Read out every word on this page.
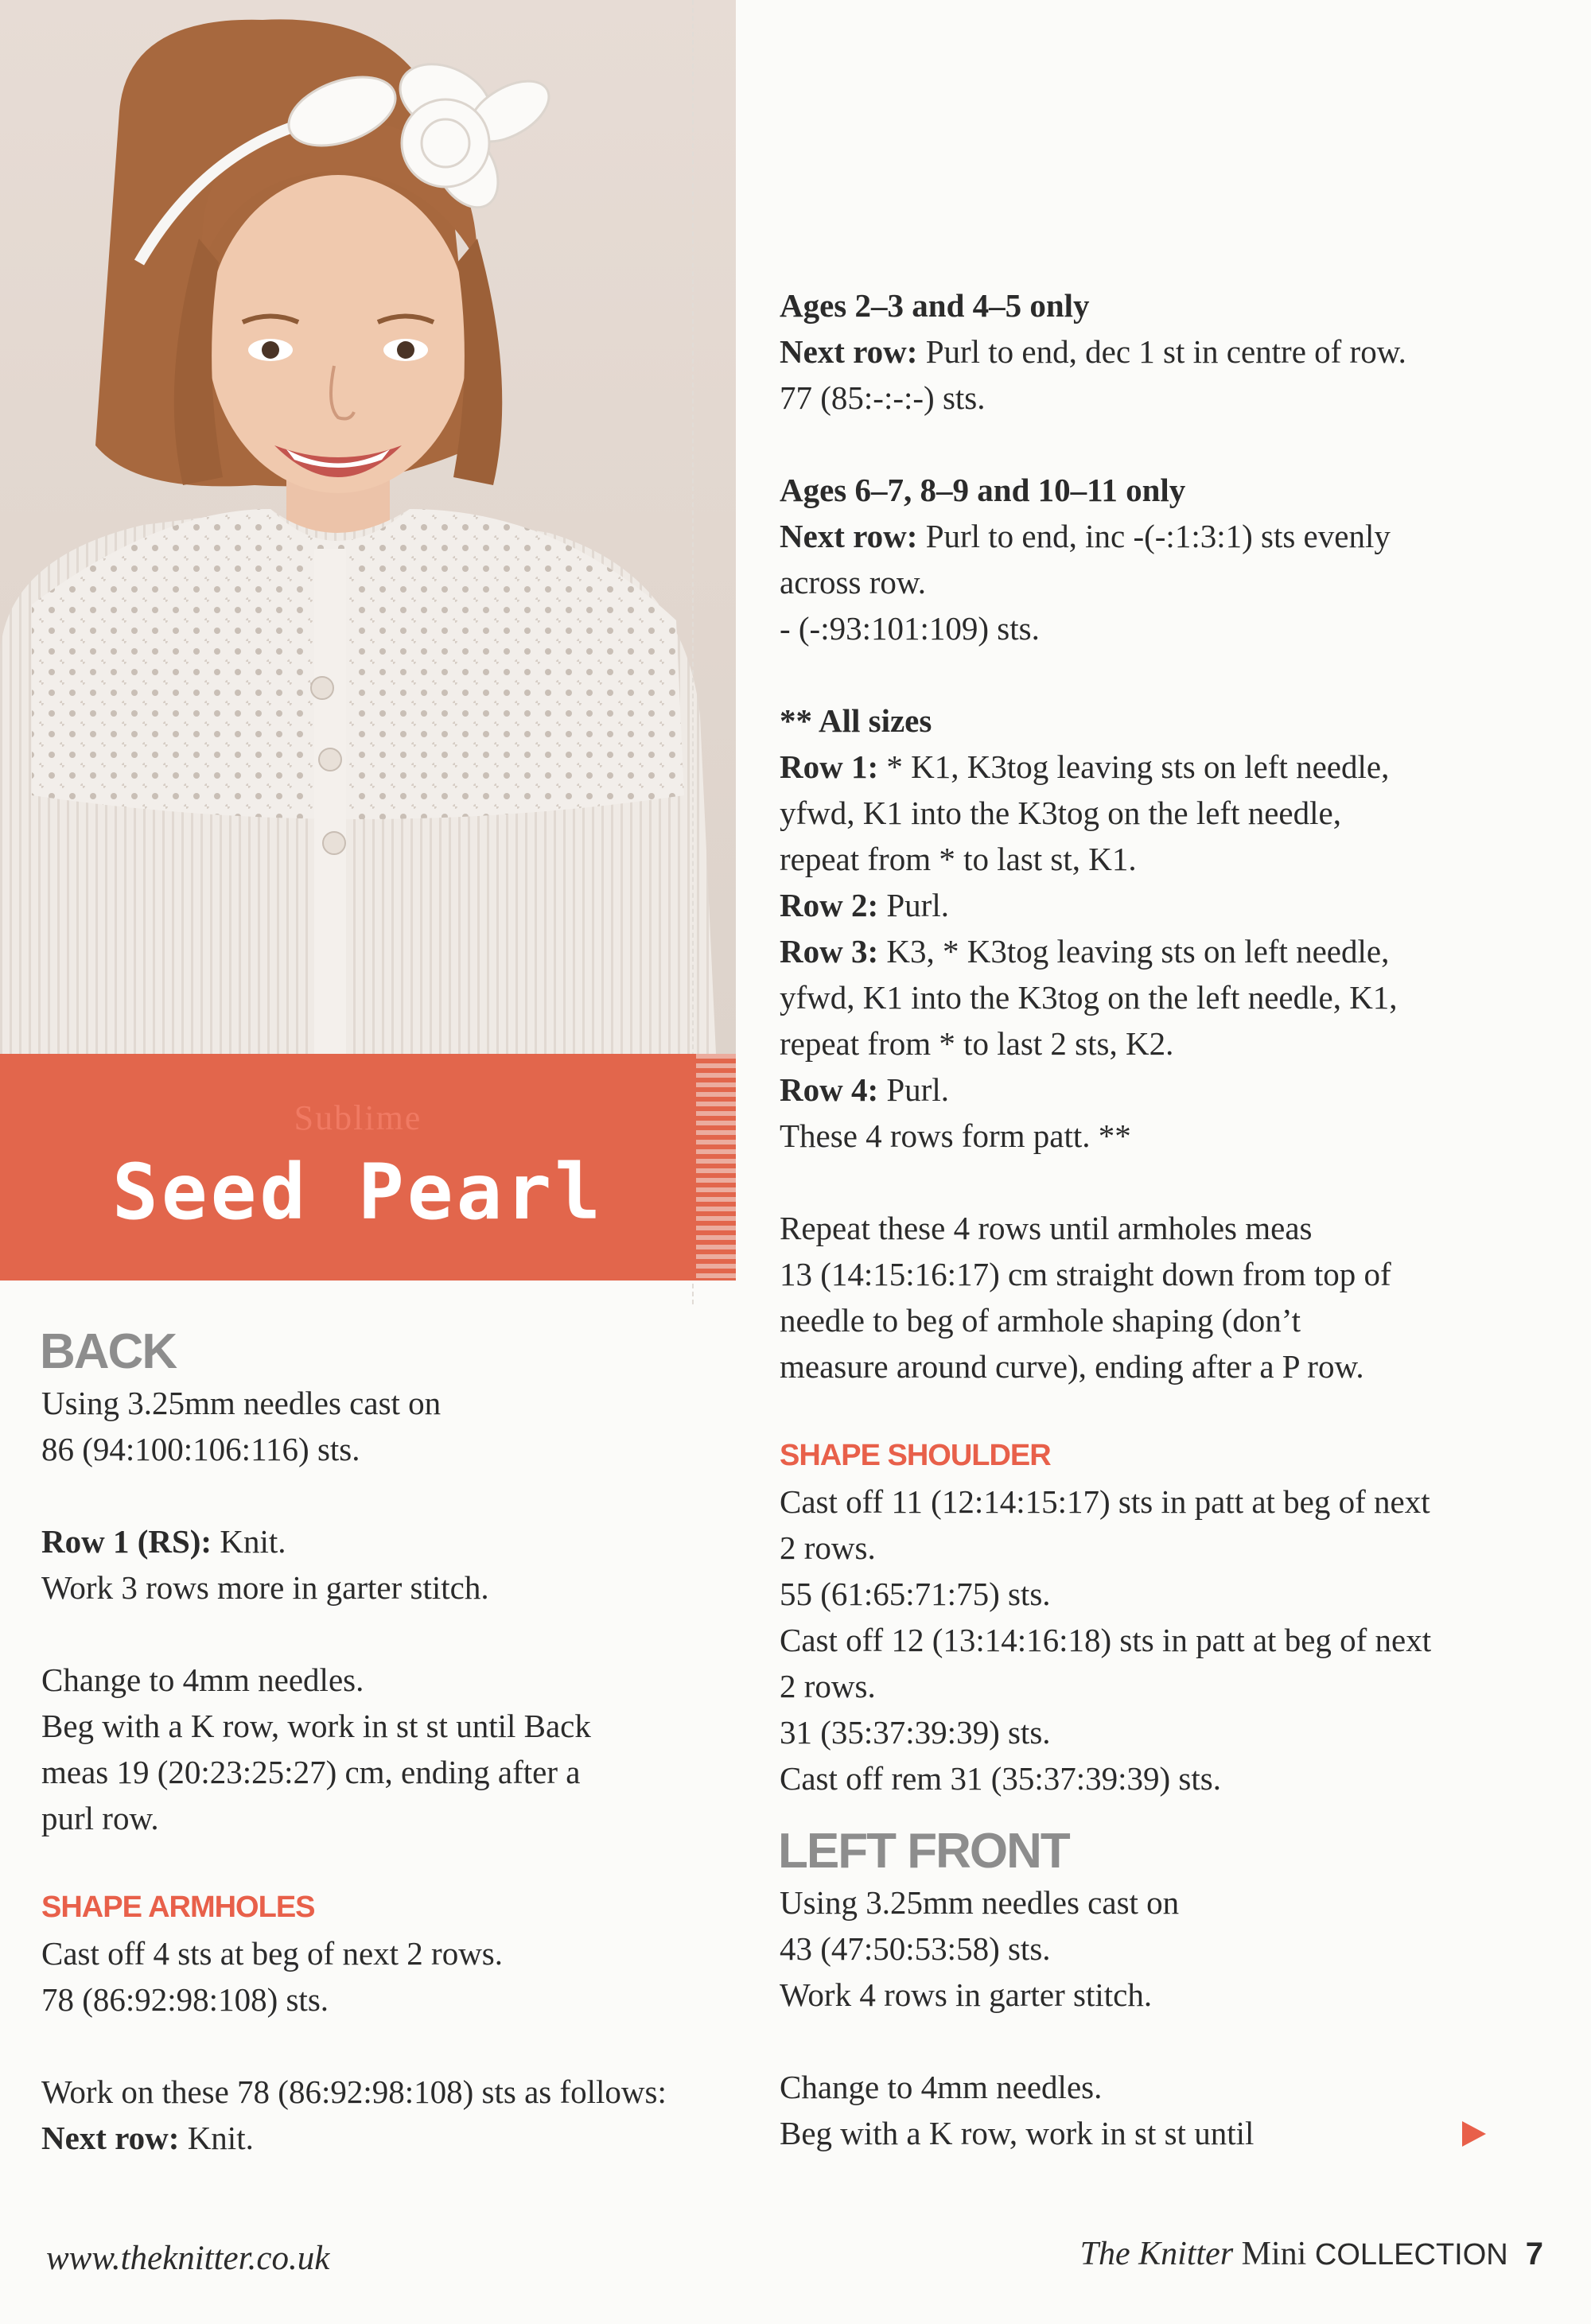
Sublime
Seed Pearl
BACK

Using 3.25mm needles cast on

86 (94:100:106:116) sts.

Row 1 (RS): Knit.

Work 3 rows more in garter stitch.

Change to 4mm needles.

Beg with a K row, work in st st until Back

meas 19 (20:23:25:27) cm, ending after a

purl row.

SHAPE ARMHOLES

Cast off 4 sts at beg of next 2 rows.

78 (86:92:98:108) sts.

Work on these 78 (86:92:98:108) sts as follows:

Next row: Knit.

Ages 2–3 and 4–5 only

Next row: Purl to end, dec 1 st in centre of row.

77 (85:-:-:-) sts.

Ages 6–7, 8–9 and 10–11 only

Next row: Purl to end, inc -(-:1:3:1) sts evenly

across row.

- (-:93:101:109) sts.

** All sizes

Row 1: * K1, K3tog leaving sts on left needle,

yfwd, K1 into the K3tog on the left needle,

repeat from * to last st, K1.

Row 2: Purl.

Row 3: K3, * K3tog leaving sts on left needle,

yfwd, K1 into the K3tog on the left needle, K1,

repeat from * to last 2 sts, K2.

Row 4: Purl.

These 4 rows form patt. **

Repeat these 4 rows until armholes meas

13 (14:15:16:17) cm straight down from top of

needle to beg of armhole shaping (don’t

measure around curve), ending after a P row.

SHAPE SHOULDER

Cast off 11 (12:14:15:17) sts in patt at beg of next

2 rows.

55 (61:65:71:75) sts.

Cast off 12 (13:14:16:18) sts in patt at beg of next

2 rows.

31 (35:37:39:39) sts.

Cast off rem 31 (35:37:39:39) sts.

LEFT FRONT

Using 3.25mm needles cast on

43 (47:50:53:58) sts.

Work 4 rows in garter stitch.

Change to 4mm needles.

Beg with a K row, work in st st until

www.theknitter.co.uk	The Knitter Mini COLLECTION 7
